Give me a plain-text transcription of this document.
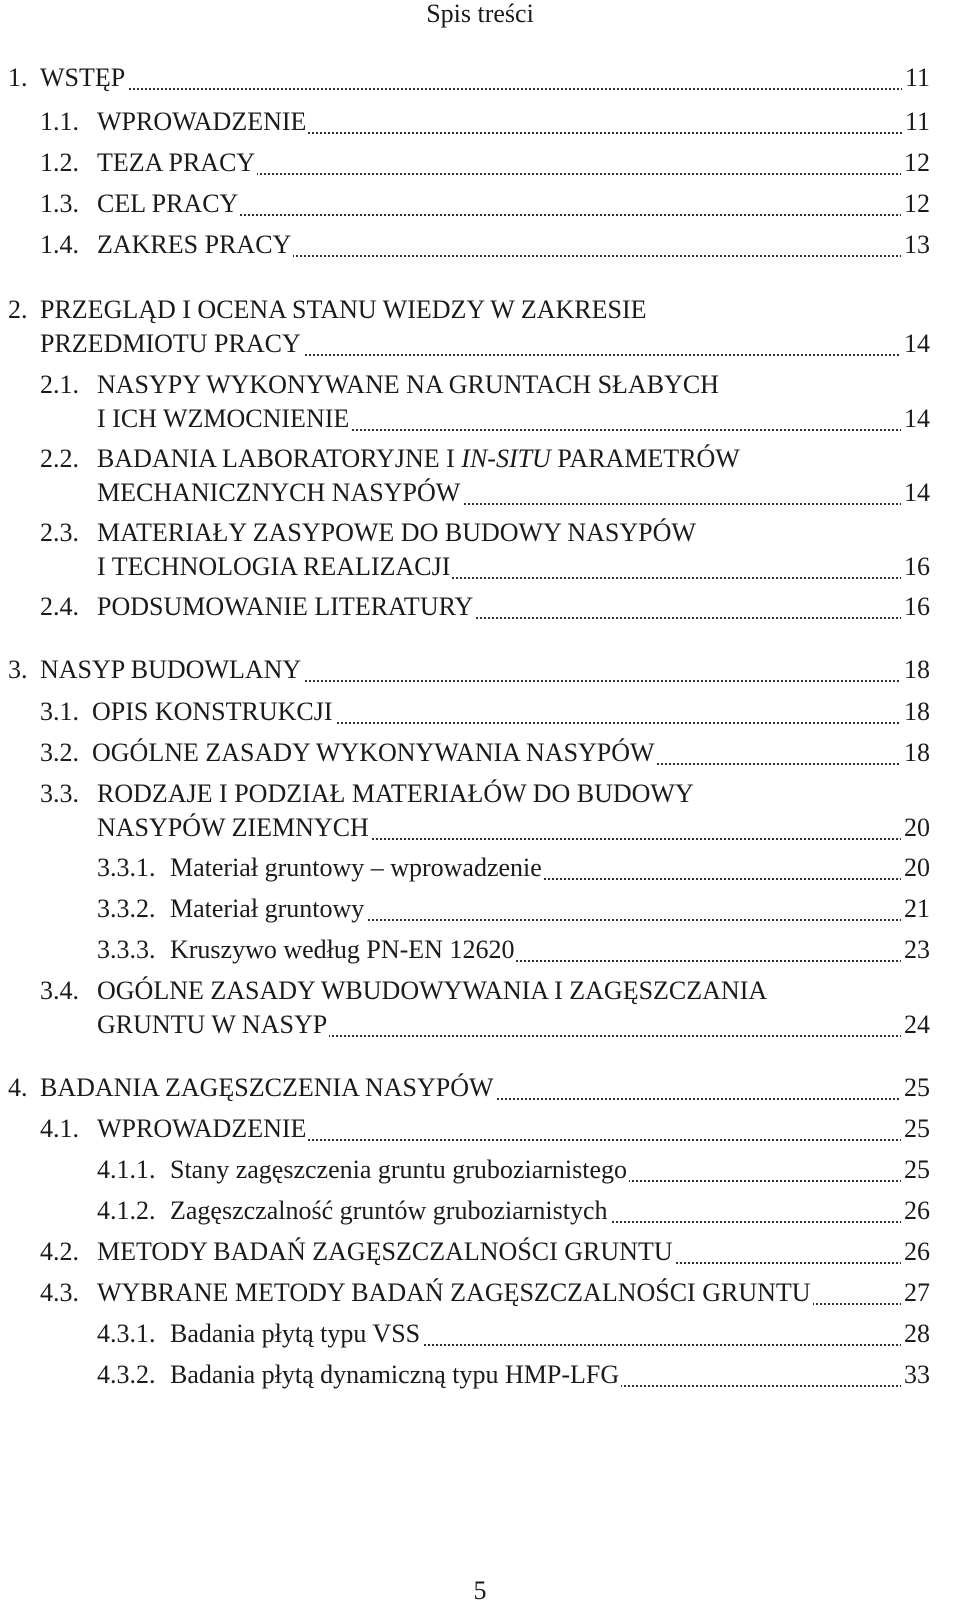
Spis treści
1. WSTĘP	11
1.1. WPROWADZENIE	11
1.2. TEZA PRACY	12
1.3. CEL PRACY	12
1.4. ZAKRES PRACY	13
2. PRZEGLĄD I OCENA STANU WIEDZY W ZAKRESIE
PRZEDMIOTU PRACY	14
2.1. NASYPY WYKONYWANE NA GRUNTACH SŁABYCH
I ICH WZMOCNIENIE	14
2.2. BADANIA LABORATORYJNE I IN-SITU PARAMETRÓW
MECHANICZNYCH NASYPÓW	14
2.3. MATERIAŁY ZASYPOWE DO BUDOWY NASYPÓW
I TECHNOLOGIA REALIZACJI	16
2.4. PODSUMOWANIE LITERATURY	16
3. NASYP BUDOWLANY	18
3.1. OPIS KONSTRUKCJI	18
3.2. OGÓLNE ZASADY WYKONYWANIA NASYPÓW	18
3.3. RODZAJE I PODZIAŁ MATERIAŁÓW DO BUDOWY
NASYPÓW ZIEMNYCH	20
3.3.1. Materiał gruntowy – wprowadzenie	20
3.3.2. Materiał gruntowy	21
3.3.3. Kruszywo według PN-EN 12620	23
3.4. OGÓLNE ZASADY WBUDOWYWANIA I ZAGĘSZCZANIA
GRUNTU W NASYP	24
4. BADANIA ZAGĘSZCZENIA NASYPÓW	25
4.1. WPROWADZENIE	25
4.1.1. Stany zagęszczenia gruntu gruboziarnistego	25
4.1.2. Zagęszczalność gruntów gruboziarnistych	26
4.2. METODY BADAŃ ZAGĘSZCZALNOŚCI GRUNTU	26
4.3. WYBRANE METODY BADAŃ ZAGĘSZCZALNOŚCI GRUNTU	27
4.3.1. Badania płytą typu VSS	28
4.3.2. Badania płytą dynamiczną typu HMP-LFG	33
5
